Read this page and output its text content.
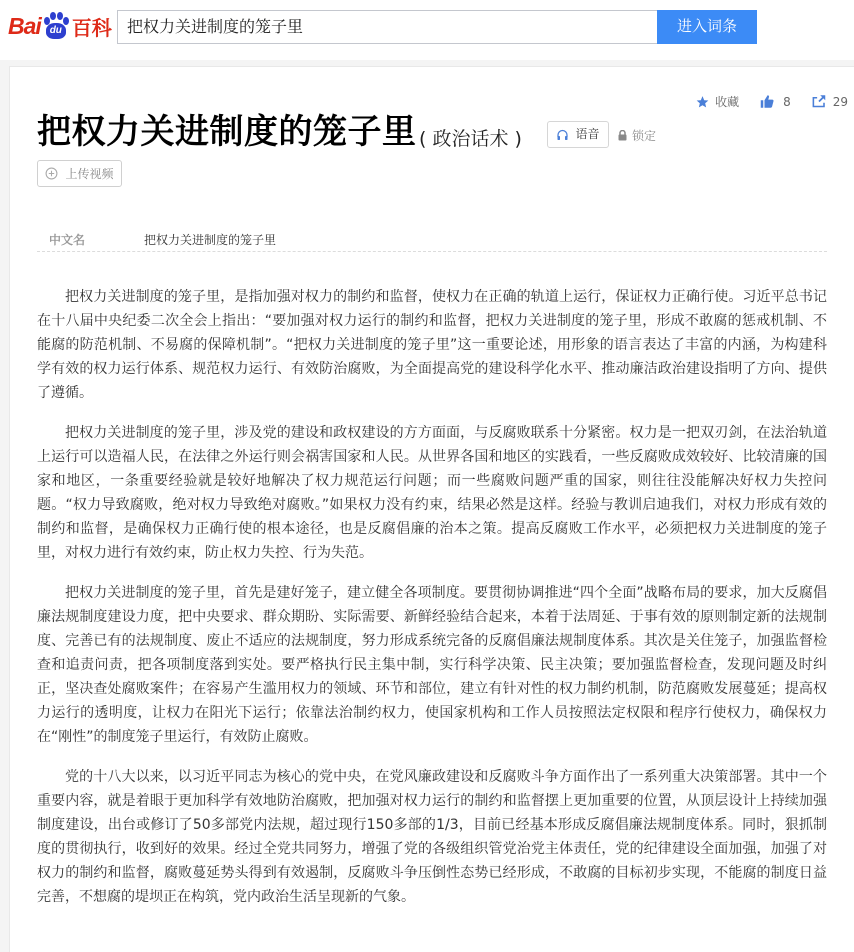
Bai du 百科 把权力关进制度的笼子里	进入词条
收藏	8	29
把权力关进制度的笼子里 ( 政治话术 )	语音	锁定
上传视频
中文名	把权力关进制度的笼子里

把权力关进制度的笼子里，是指加强对权力的制约和监督，使权力在正确的轨道上运行，保证权力正确行使。习近平总书记在十八届中央纪委二次全会上指出：“要加强对权力运行的制约和监督，把权力关进制度的笼子里，形成不敢腐的惩戒机制、不能腐的防范机制、不易腐的保障机制”。“把权力关进制度的笼子里”这一重要论述，用形象的语言表达了丰富的内涵，为构建科学有效的权力运行体系、规范权力运行、有效防治腐败，为全面提高党的建设科学化水平、推动廉洁政治建设指明了方向、提供了遵循。

把权力关进制度的笼子里，涉及党的建设和政权建设的方方面面，与反腐败联系十分紧密。权力是一把双刃剑，在法治轨道上运行可以造福人民，在法律之外运行则会祸害国家和人民。从世界各国和地区的实践看，一些反腐败成效较好、比较清廉的国家和地区，一条重要经验就是较好地解决了权力规范运行问题；而一些腐败问题严重的国家，则往往没能解决好权力失控问题。“权力导致腐败，绝对权力导致绝对腐败。”如果权力没有约束，结果必然是这样。经验与教训启迪我们，对权力形成有效的制约和监督，是确保权力正确行使的根本途径，也是反腐倡廉的治本之策。提高反腐败工作水平，必须把权力关进制度的笼子里，对权力进行有效约束，防止权力失控、行为失范。

把权力关进制度的笼子里，首先是建好笼子，建立健全各项制度。要贯彻协调推进“四个全面”战略布局的要求，加大反腐倡廉法规制度建设力度，把中央要求、群众期盼、实际需要、新鲜经验结合起来，本着于法周延、于事有效的原则制定新的法规制度、完善已有的法规制度、废止不适应的法规制度，努力形成系统完备的反腐倡廉法规制度体系。其次是关住笼子，加强监督检查和追责问责，把各项制度落到实处。要严格执行民主集中制，实行科学决策、民主决策；要加强监督检查，发现问题及时纠正，坚决查处腐败案件；在容易产生滥用权力的领域、环节和部位，建立有针对性的权力制约机制，防范腐败发展蔓延；提高权力运行的透明度，让权力在阳光下运行；依靠法治制约权力，使国家机构和工作人员按照法定权限和程序行使权力，确保权力在“刚性”的制度笼子里运行，有效防止腐败。

党的十八大以来，以习近平同志为核心的党中央，在党风廉政建设和反腐败斗争方面作出了一系列重大决策部署。其中一个重要内容，就是着眼于更加科学有效地防治腐败，把加强对权力运行的制约和监督摆上更加重要的位置，从顶层设计上持续加强制度建设，出台或修订了50多部党内法规，超过现行150多部的1/3，目前已经基本形成反腐倡廉法规制度体系。同时，狠抓制度的贯彻执行，收到好的效果。经过全党共同努力，增强了党的各级组织管党治党主体责任，党的纪律建设全面加强，加强了对权力的制约和监督，腐败蔓延势头得到有效遏制，反腐败斗争压倒性态势已经形成，不敢腐的目标初步实现，不能腐的制度日益完善，不想腐的堤坝正在构筑，党内政治生活呈现新的气象。
